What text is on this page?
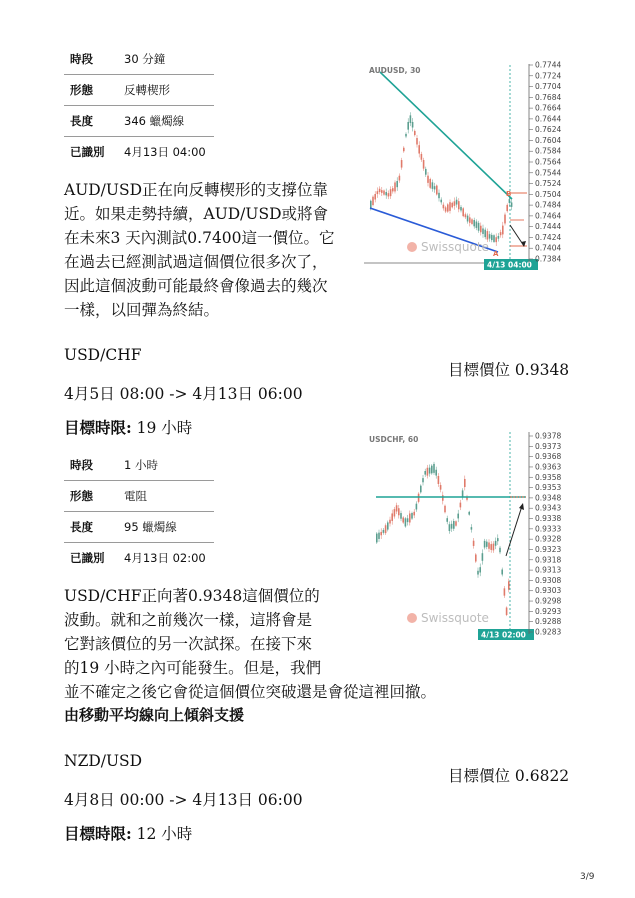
時段	30 分鐘
形態	反轉楔形
長度	346 蠟燭線
已識別	4月13日 04:00
AUD/USD正在向反轉楔形的支撐位靠近。如果走勢持續，AUD/USD或將會在未來3 天內測試0.7400這一價位。它在過去已經測試過這個價位很多次了，因此這個波動可能最終會像過去的幾次一樣，以回彈為終結。
B
A
AUDUSD, 30
Swissquote
4/13 04:00
0.7744
0.7724
0.7704
0.7684
0.7664
0.7644
0.7624
0.7604
0.7584
0.7564
0.7544
0.7524
0.7504
0.7484
0.7464
0.7444
0.7424
0.7404
0.7384
USD/CHF
目標價位 0.9348
4月5日 08:00 -> 4月13日 06:00
目標時限: 19 小時
時段	1 小時
形態	電阻
長度	95 蠟燭線
已識別	4月13日 02:00
USD/CHF正向著0.9348這個價位的
波動。就和之前幾次一樣，這將會是
它對該價位的另一次試探。在接下來
的19 小時之內可能發生。但是，我們
並不確定之後它會從這個價位突破還是會從這裡回撤。
USDCHF, 60
Swissquote
4/13 02:00
0.9378
0.9373
0.9368
0.9363
0.9358
0.9353
0.9348
0.9343
0.9338
0.9333
0.9328
0.9323
0.9318
0.9313
0.9308
0.9303
0.9298
0.9293
0.9288
0.9283
由移動平均線向上傾斜支援
NZD/USD
目標價位 0.6822
4月8日 00:00 -> 4月13日 06:00
目標時限: 12 小時
3/9
